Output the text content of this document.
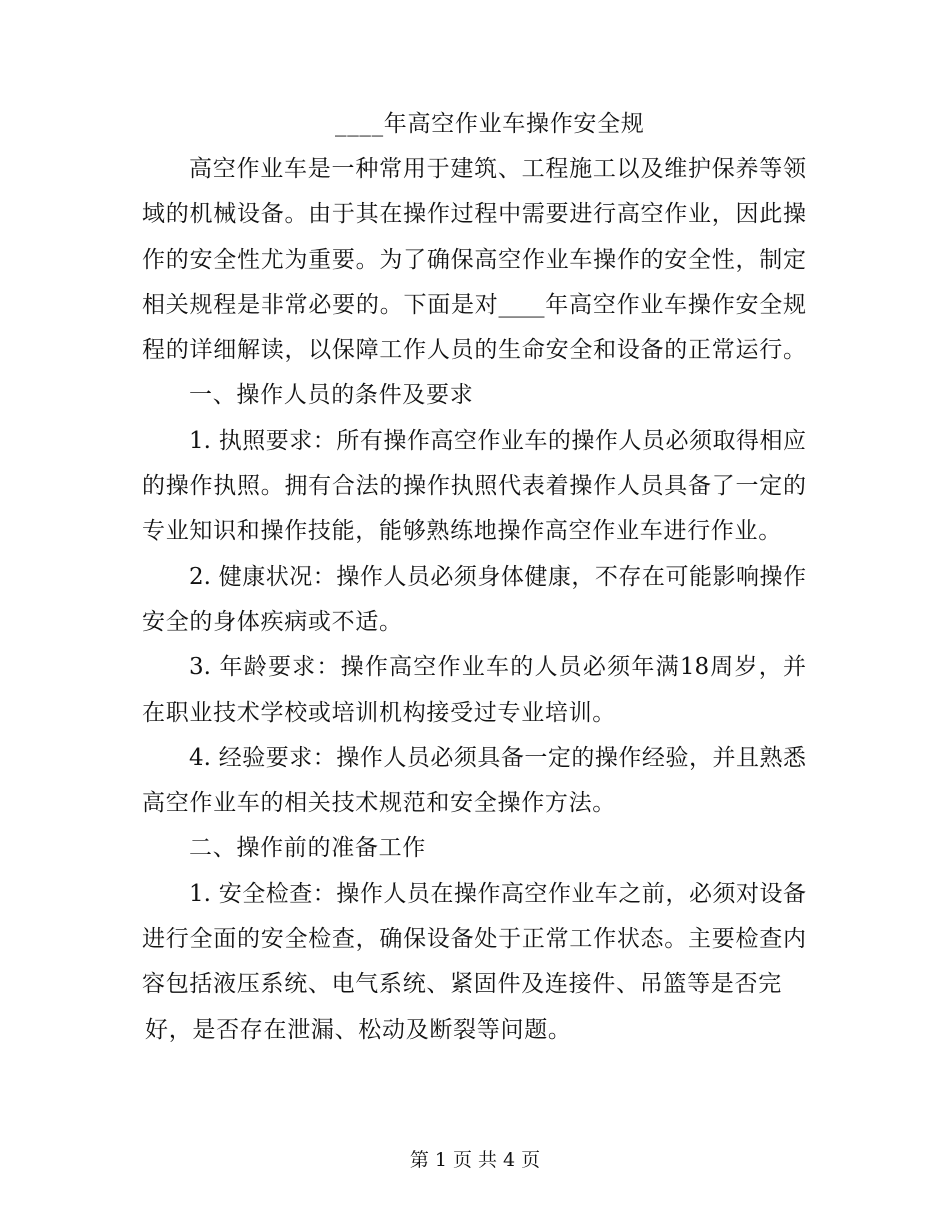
____年高空作业车操作安全规
高空作业车是一种常用于建筑、工程施工以及维护保养等领
域的机械设备。由于其在操作过程中需要进行高空作业，因此操
作的安全性尤为重要。为了确保高空作业车操作的安全性，制定
相关规程是非常必要的。下面是对____年高空作业车操作安全规
程的详细解读，以保障工作人员的生命安全和设备的正常运行。
一、操作人员的条件及要求
1. 执照要求：所有操作高空作业车的操作人员必须取得相应
的操作执照。拥有合法的操作执照代表着操作人员具备了一定的
专业知识和操作技能，能够熟练地操作高空作业车进行作业。
2. 健康状况：操作人员必须身体健康，不存在可能影响操作
安全的身体疾病或不适。
3. 年龄要求：操作高空作业车的人员必须年满18周岁，并
在职业技术学校或培训机构接受过专业培训。
4. 经验要求：操作人员必须具备一定的操作经验，并且熟悉
高空作业车的相关技术规范和安全操作方法。
二、操作前的准备工作
1. 安全检查：操作人员在操作高空作业车之前，必须对设备
进行全面的安全检查，确保设备处于正常工作状态。主要检查内
容包括液压系统、电气系统、紧固件及连接件、吊篮等是否完
好，是否存在泄漏、松动及断裂等问题。
第 1 页 共 4 页
